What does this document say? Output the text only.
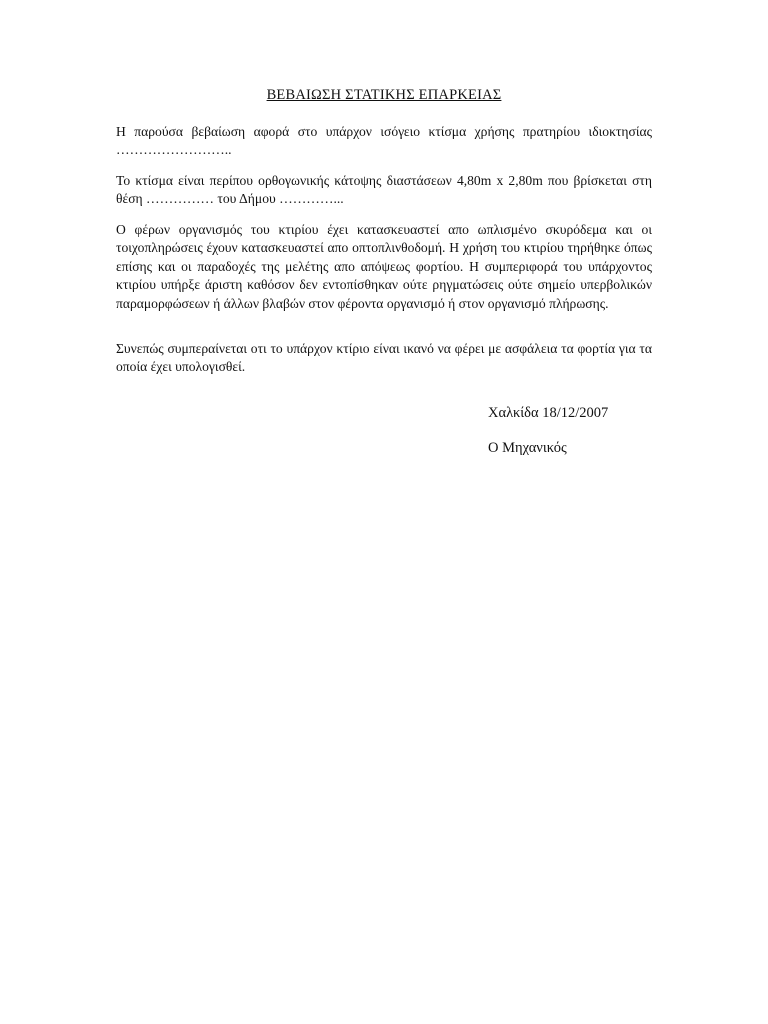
ΒΕΒΑΙΩΣΗ ΣΤΑΤΙΚΗΣ ΕΠΑΡΚΕΙΑΣ

Η παρούσα βεβαίωση αφορά στο υπάρχον ισόγειο κτίσμα χρήσης πρατηρίου ιδιοκτησίας ……………………..

Το κτίσμα είναι περίπου ορθογωνικής κάτοψης διαστάσεων 4,80m x 2,80m που βρίσκεται στη θέση …………… του Δήμου …………...

Ο φέρων οργανισμός του κτιρίου έχει κατασκευαστεί απο ωπλισμένο σκυρόδεμα και οι τοιχοπληρώσεις έχουν κατασκευαστεί απο οπτοπλινθοδομή. Η χρήση του κτιρίου τηρήθηκε όπως επίσης και οι παραδοχές της μελέτης απο απόψεως φορτίου. Η συμπεριφορά του υπάρχοντος κτιρίου υπήρξε άριστη καθόσον δεν εντοπίσθηκαν ούτε ρηγματώσεις ούτε σημείο υπερβολικών παραμορφώσεων ή άλλων βλαβών στον φέροντα οργανισμό ή στον οργανισμό πλήρωσης.

Συνεπώς συμπεραίνεται οτι το υπάρχον κτίριο είναι ικανό να φέρει με ασφάλεια τα φορτία για τα οποία έχει υπολογισθεί.

Χαλκίδα 18/12/2007
Ο Μηχανικός
